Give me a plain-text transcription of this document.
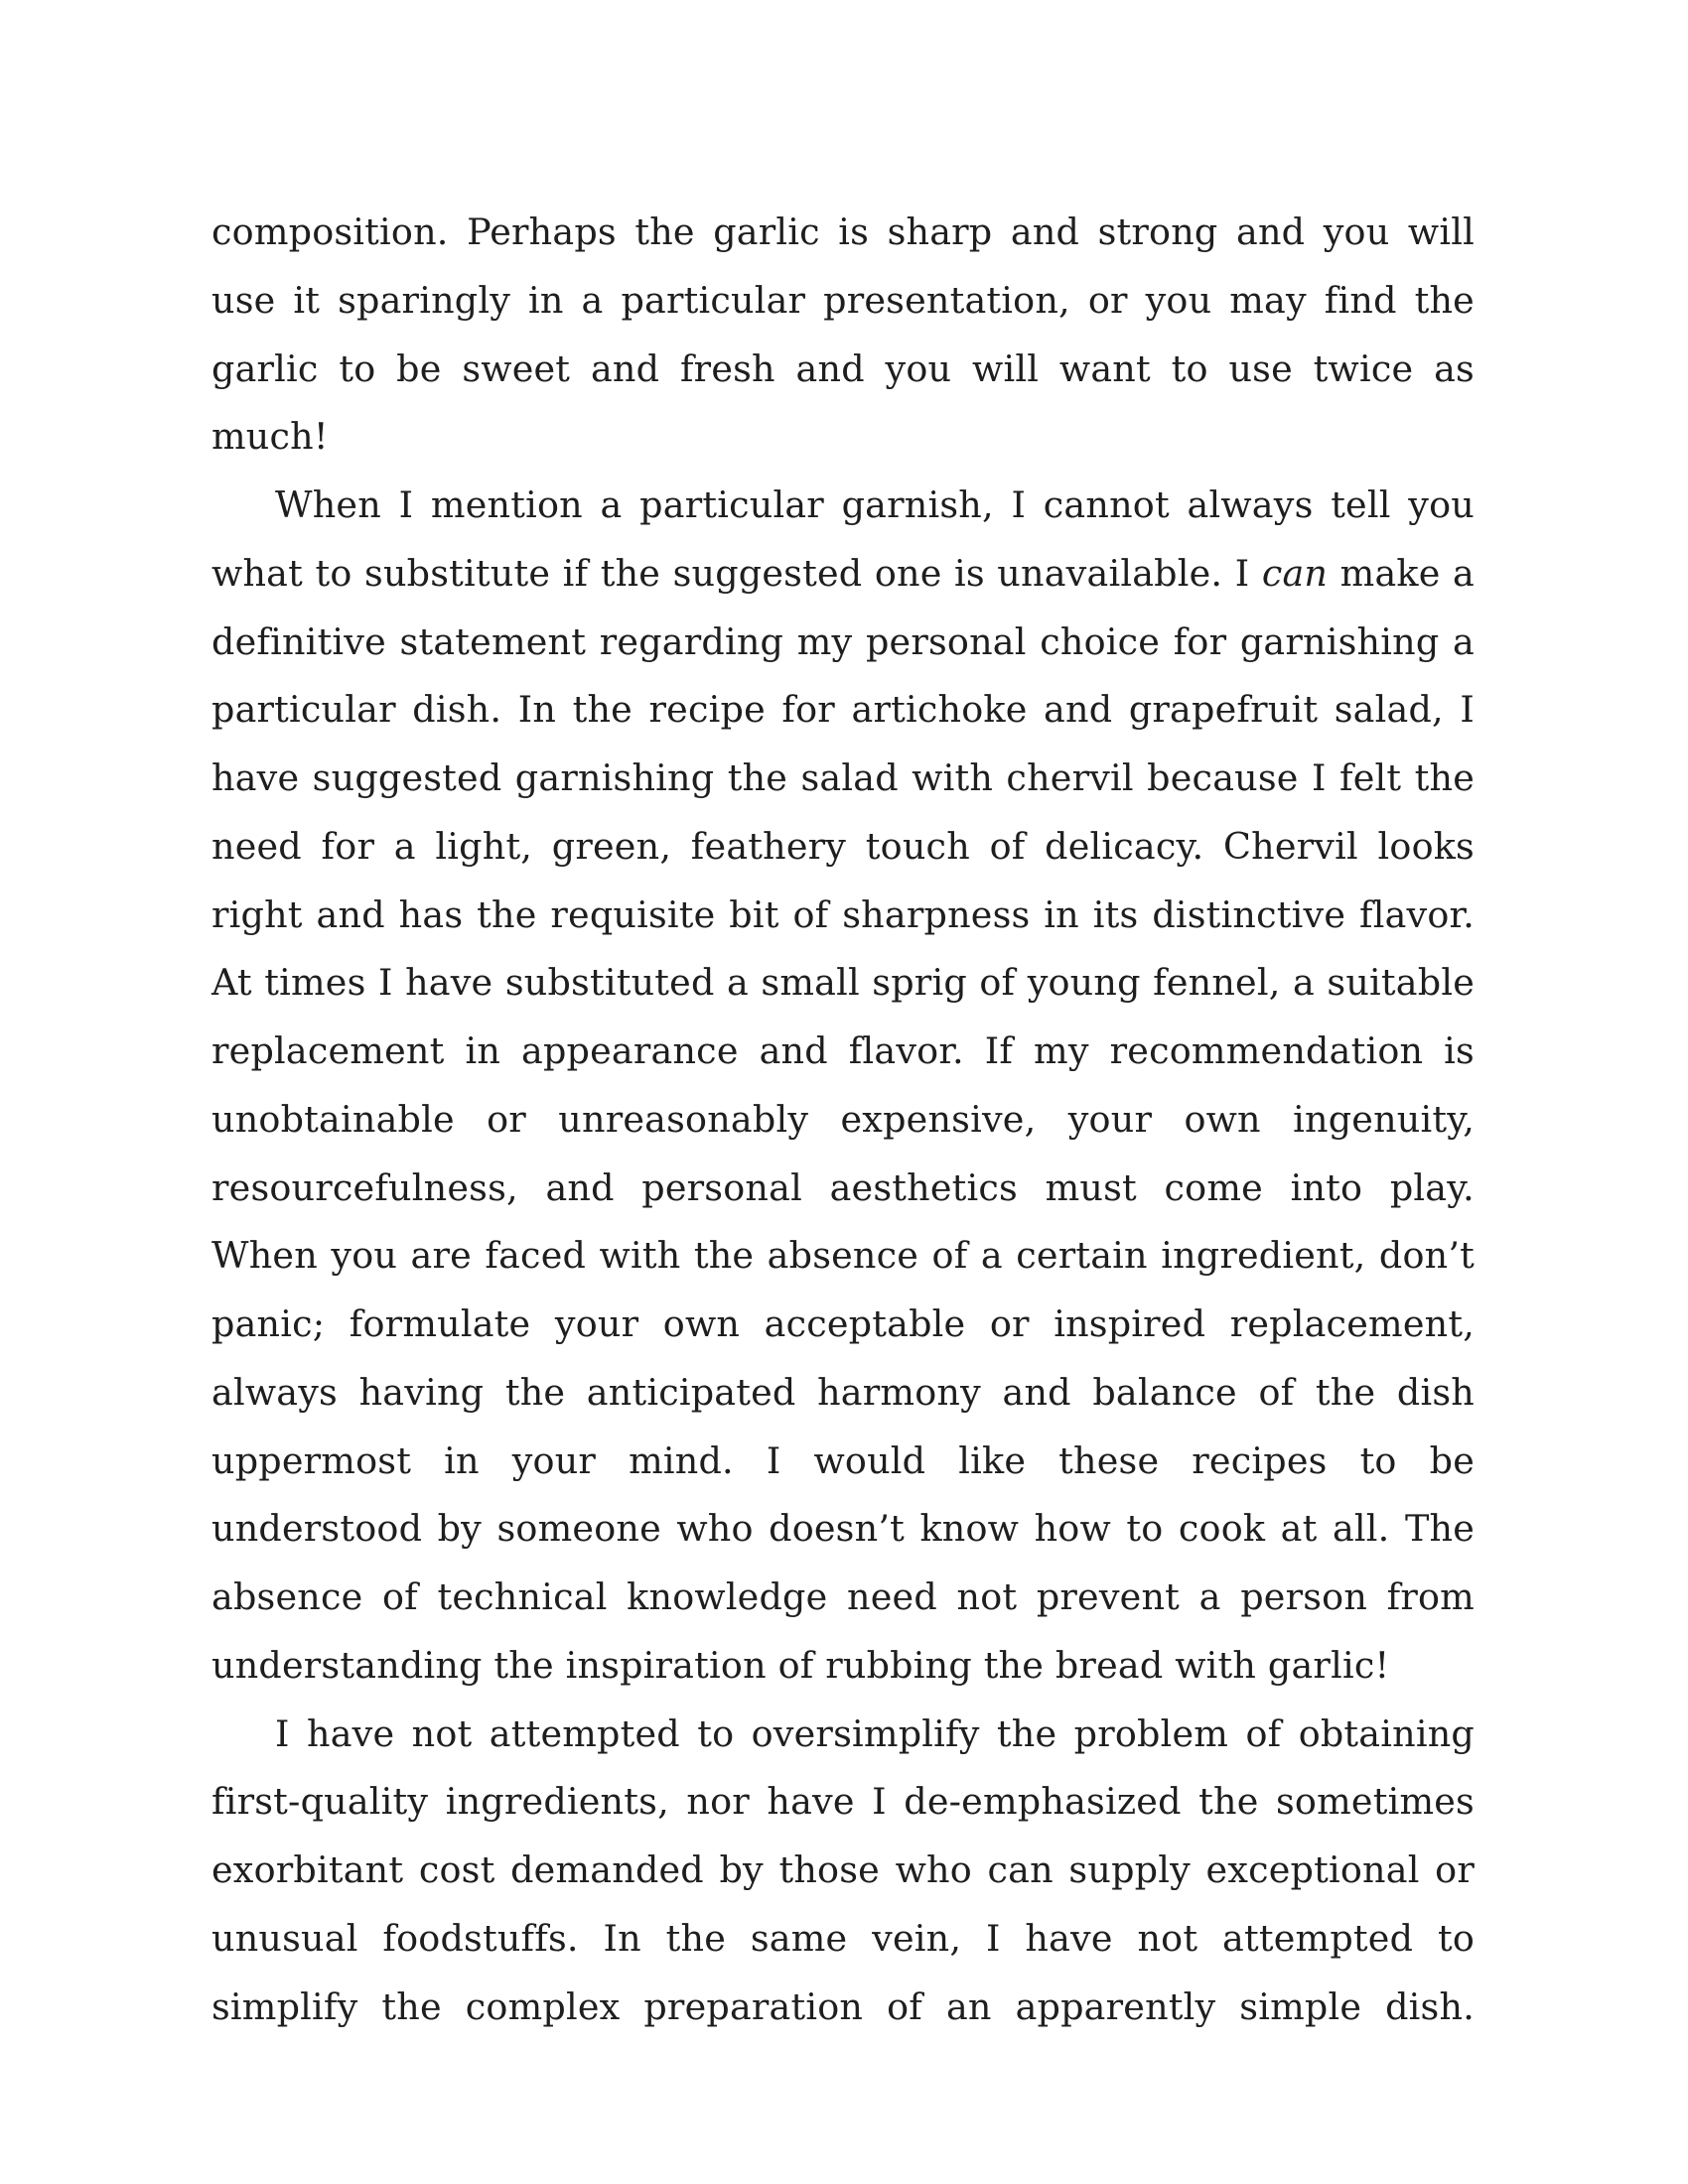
composition. Perhaps the garlic is sharp and strong and you will use it sparingly in a particular presentation, or you may find the garlic to be sweet and fresh and you will want to use twice as much!

When I mention a particular garnish, I cannot always tell you what to substitute if the suggested one is unavailable. I can make a definitive statement regarding my personal choice for garnishing a particular dish. In the recipe for artichoke and grapefruit salad, I have suggested garnishing the salad with chervil because I felt the need for a light, green, feathery touch of delicacy. Chervil looks right and has the requisite bit of sharpness in its distinctive flavor. At times I have substituted a small sprig of young fennel, a suitable replacement in appearance and flavor. If my recommendation is unobtainable or unreasonably expensive, your own ingenuity, resourcefulness, and personal aesthetics must come into play. When you are faced with the absence of a certain ingredient, don’t panic; formulate your own acceptable or inspired replacement, always having the anticipated harmony and balance of the dish uppermost in your mind. I would like these recipes to be understood by someone who doesn’t know how to cook at all. The absence of technical knowledge need not prevent a person from understanding the inspiration of rubbing the bread with garlic!

I have not attempted to oversimplify the problem of obtaining first-quality ingredients, nor have I de-emphasized the sometimes exorbitant cost demanded by those who can supply exceptional or unusual foodstuffs. In the same vein, I have not attempted to simplify the complex preparation of an apparently simple dish.
